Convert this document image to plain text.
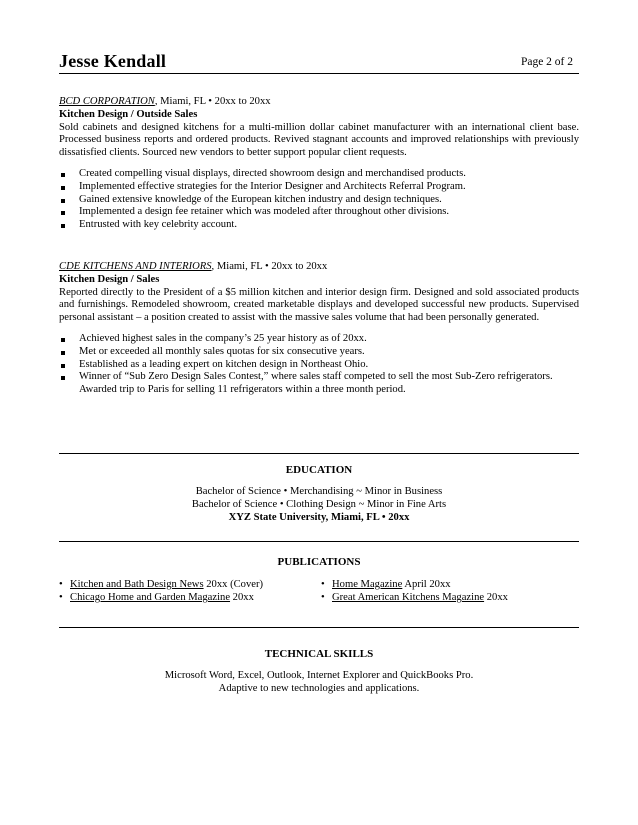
Jesse Kendall	Page 2 of 2
BCD CORPORATION, Miami, FL • 20xx to 20xx
Kitchen Design / Outside Sales
Sold cabinets and designed kitchens for a multi-million dollar cabinet manufacturer with an international client base. Processed business reports and ordered products. Revived stagnant accounts and improved relationships with previously dissatisfied clients. Sourced new vendors to better support popular client requests.
Created compelling visual displays, directed showroom design and merchandised products.
Implemented effective strategies for the Interior Designer and Architects Referral Program.
Gained extensive knowledge of the European kitchen industry and design techniques.
Implemented a design fee retainer which was modeled after throughout other divisions.
Entrusted with key celebrity account.
CDE KITCHENS AND INTERIORS, Miami, FL • 20xx to 20xx
Kitchen Design / Sales
Reported directly to the President of a $5 million kitchen and interior design firm. Designed and sold associated products and furnishings. Remodeled showroom, created marketable displays and developed successful new products. Supervised personal assistant – a position created to assist with the massive sales volume that had been personally generated.
Achieved highest sales in the company’s 25 year history as of 20xx.
Met or exceeded all monthly sales quotas for six consecutive years.
Established as a leading expert on kitchen design in Northeast Ohio.
Winner of “Sub Zero Design Sales Contest,” where sales staff competed to sell the most Sub-Zero refrigerators. Awarded trip to Paris for selling 11 refrigerators within a three month period.
EDUCATION
Bachelor of Science • Merchandising ~ Minor in Business
Bachelor of Science • Clothing Design ~ Minor in Fine Arts
XYZ State University, Miami, FL • 20xx
PUBLICATIONS
• Kitchen and Bath Design News 20xx (Cover)
• Chicago Home and Garden Magazine 20xx
• Home Magazine April 20xx
• Great American Kitchens Magazine 20xx
TECHNICAL SKILLS
Microsoft Word, Excel, Outlook, Internet Explorer and QuickBooks Pro.
Adaptive to new technologies and applications.
